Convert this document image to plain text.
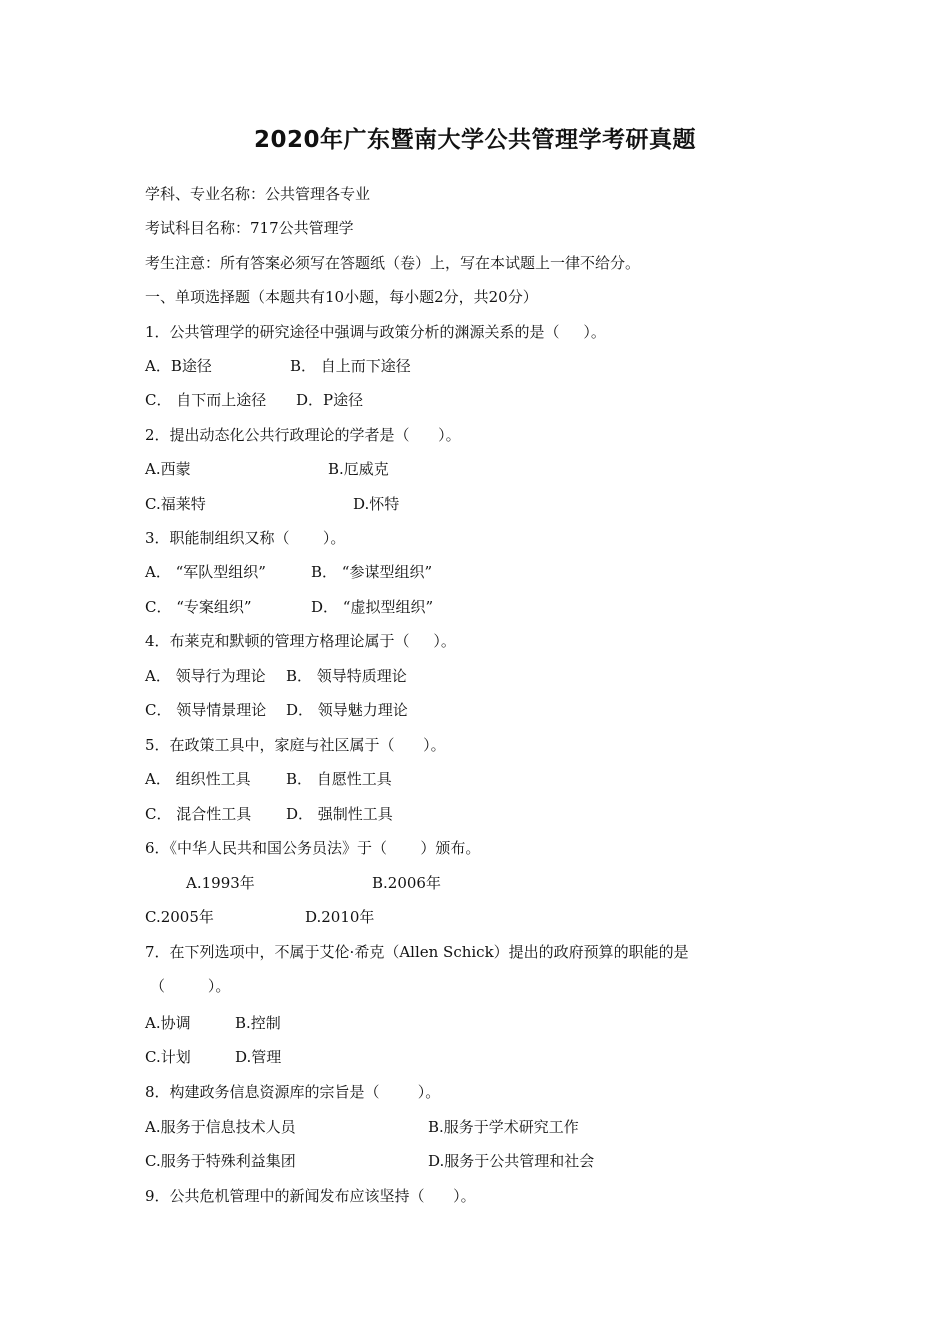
2020年广东暨南大学公共管理学考研真题
学科、专业名称：公共管理各专业
考试科目名称：717公共管理学
考生注意：所有答案必须写在答题纸（卷）上，写在本试题上一律不给分。
一、单项选择题（本题共有10小题，每小题2分，共20分）
1．公共管理学的研究途径中强调与政策分析的渊源关系的是（     ）。
A．B途径	B． 自上而下途径
C． 自下而上途径 D．P途径
2．提出动态化公共行政理论的学者是（      ）。
A.西蒙	B.厄威克
C.福莱特	D.怀特
3．职能制组织又称（       ）。
A． “军队型组织”	B． “参谋型组织”
C． “专案组织”	D． “虚拟型组织”
4．布莱克和默顿的管理方格理论属于（     ）。
A． 领导行为理论 B． 领导特质理论
C． 领导情景理论 D． 领导魅力理论
5．在政策工具中，家庭与社区属于（      ）。
A． 组织性工具 B． 自愿性工具
C． 混合性工具 D． 强制性工具
6．《中华人民共和国公务员法》于（       ）颁布。
A.1993年	B.2006年
C.2005年	D.2010年
7．在下列选项中，不属于艾伦·希克（Allen Schick）提出的政府预算的职能的是
（         ）。
A.协调	B.控制
C.计划	D.管理
8．构建政务信息资源库的宗旨是（        ）。
A.服务于信息技术人员	B.服务于学术研究工作
C.服务于特殊利益集团	D.服务于公共管理和社会
9．公共危机管理中的新闻发布应该坚持（      ）。
